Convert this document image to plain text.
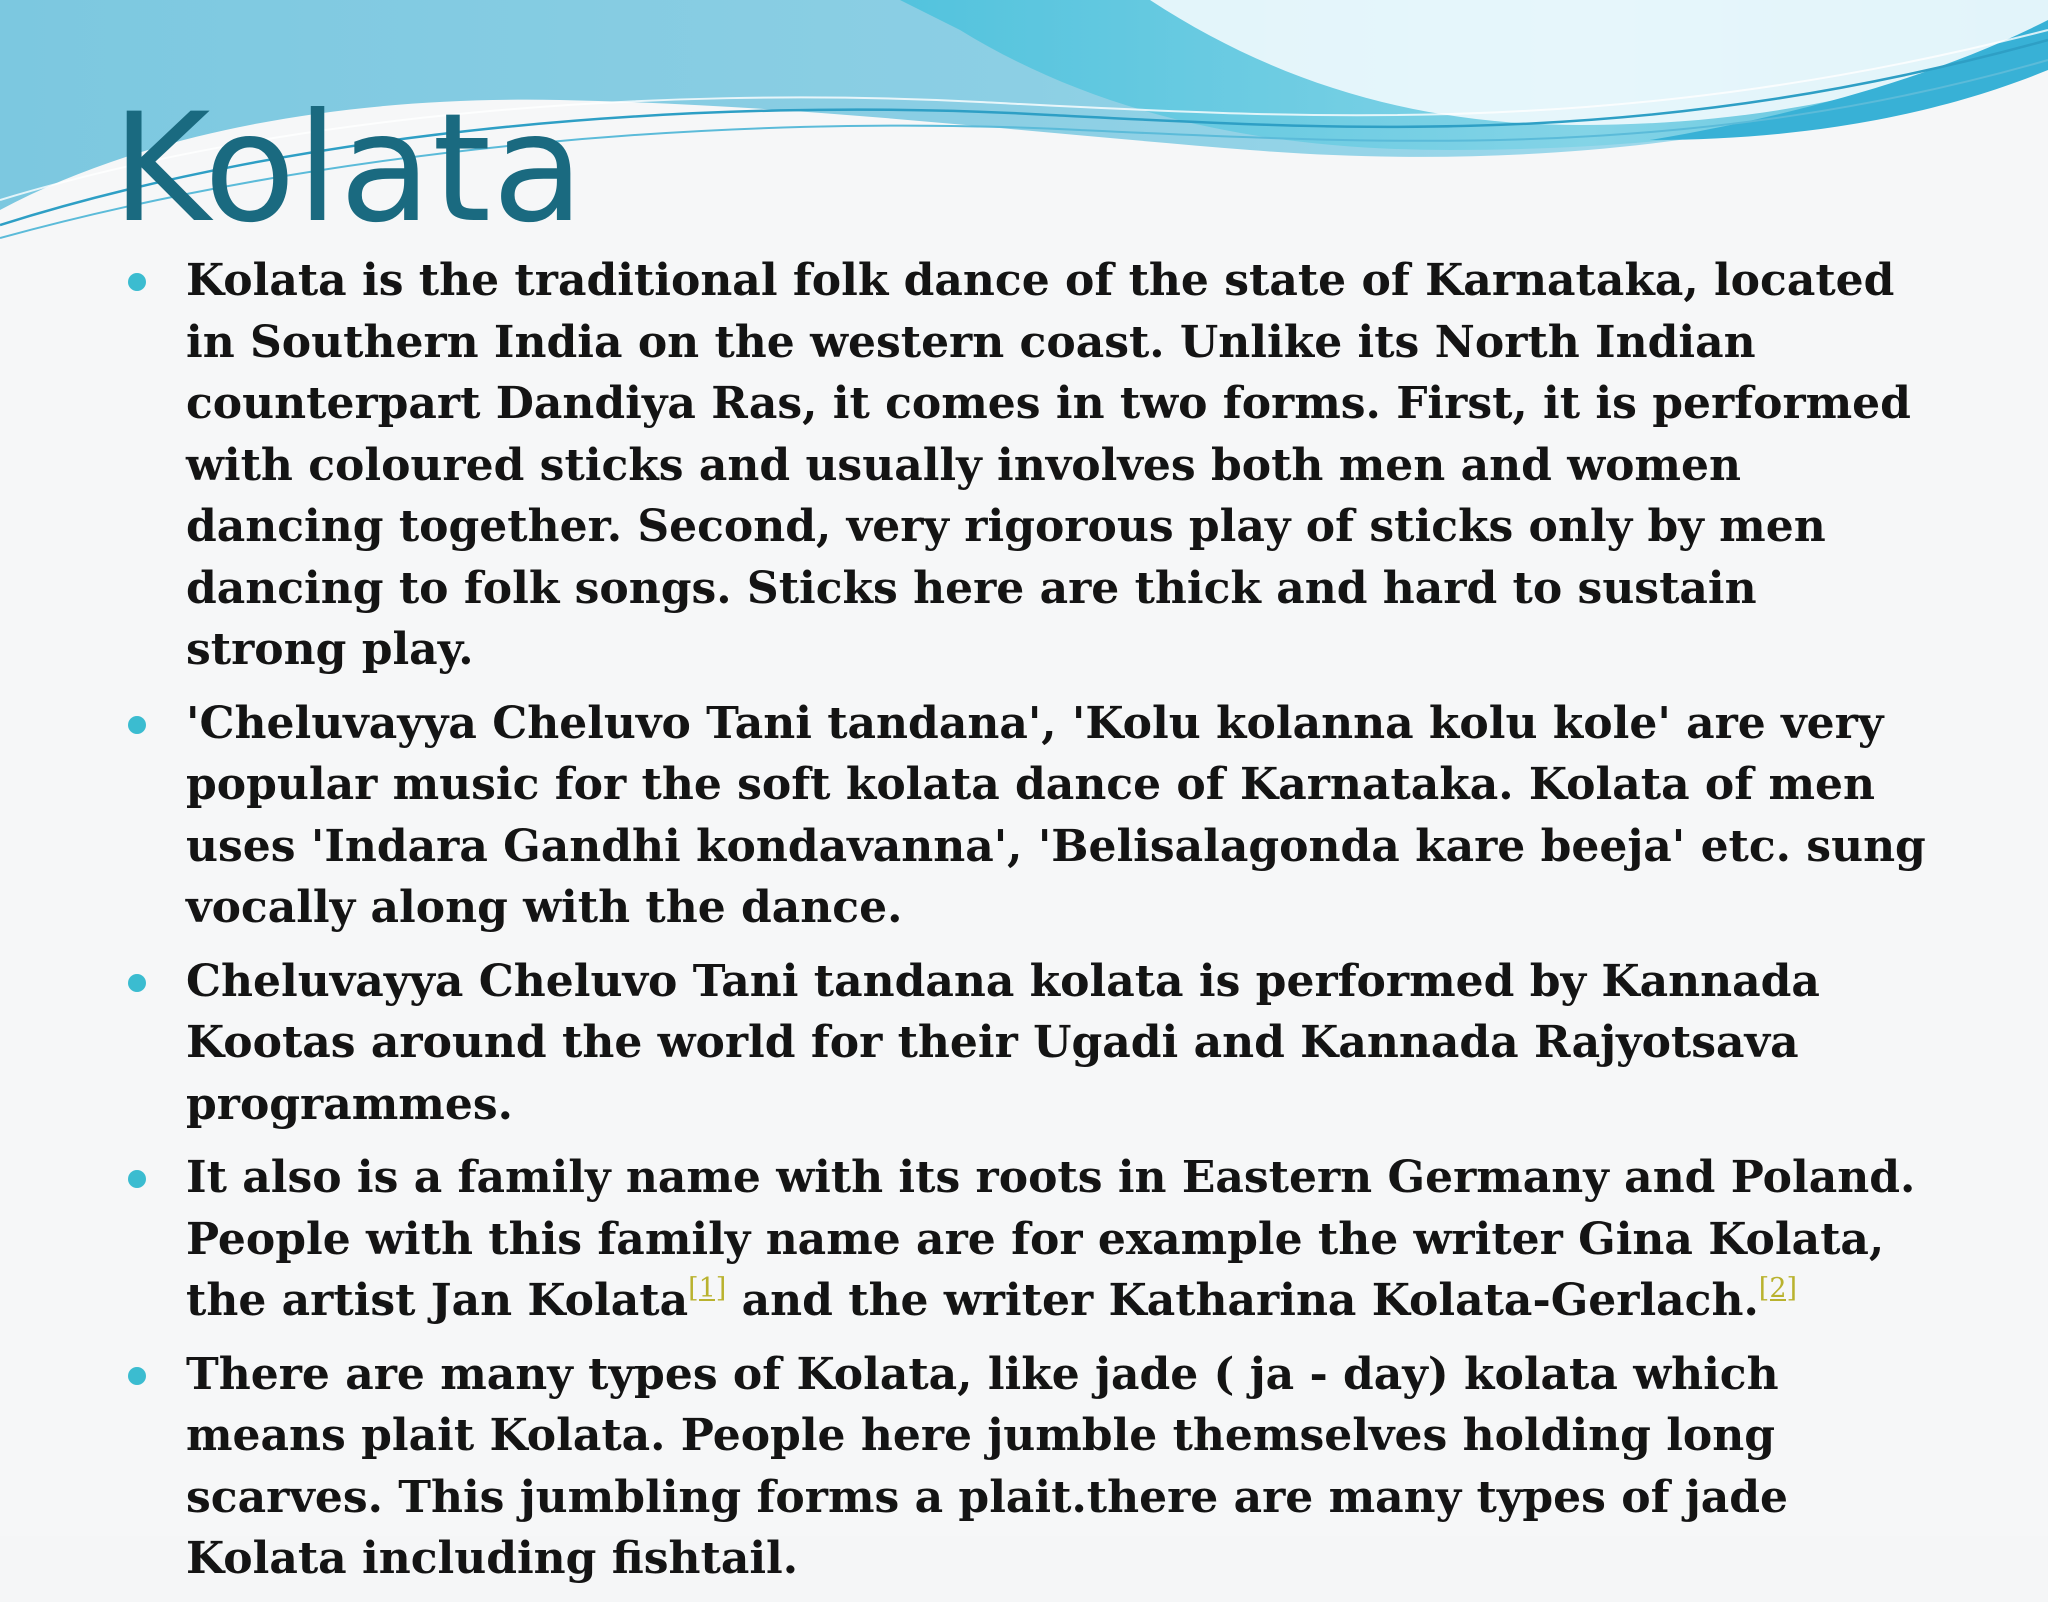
Kolata
Kolata is the traditional folk dance of the state of Karnataka, located in Southern India on the western coast. Unlike its North Indian counterpart Dandiya Ras, it comes in two forms. First, it is performed with coloured sticks and usually involves both men and women dancing together. Second, very rigorous play of sticks only by men dancing to folk songs. Sticks here are thick and hard to sustain strong play.
'Cheluvayya Cheluvo Tani tandana', 'Kolu kolanna kolu kole' are very popular music for the soft kolata dance of Karnataka. Kolata of men uses 'Indara Gandhi kondavanna', 'Belisalagonda kare beeja' etc. sung vocally along with the dance.
Cheluvayya Cheluvo Tani tandana kolata is performed by Kannada Kootas around the world for their Ugadi and Kannada Rajyotsava programmes.
It also is a family name with its roots in Eastern Germany and Poland. People with this family name are for example the writer Gina Kolata, the artist Jan Kolata[1] and the writer Katharina Kolata-Gerlach.[2]
There are many types of Kolata, like jade ( ja - day) kolata which means plait Kolata. People here jumble themselves holding long scarves. This jumbling forms a plait.there are many types of jade Kolata including fishtail.
